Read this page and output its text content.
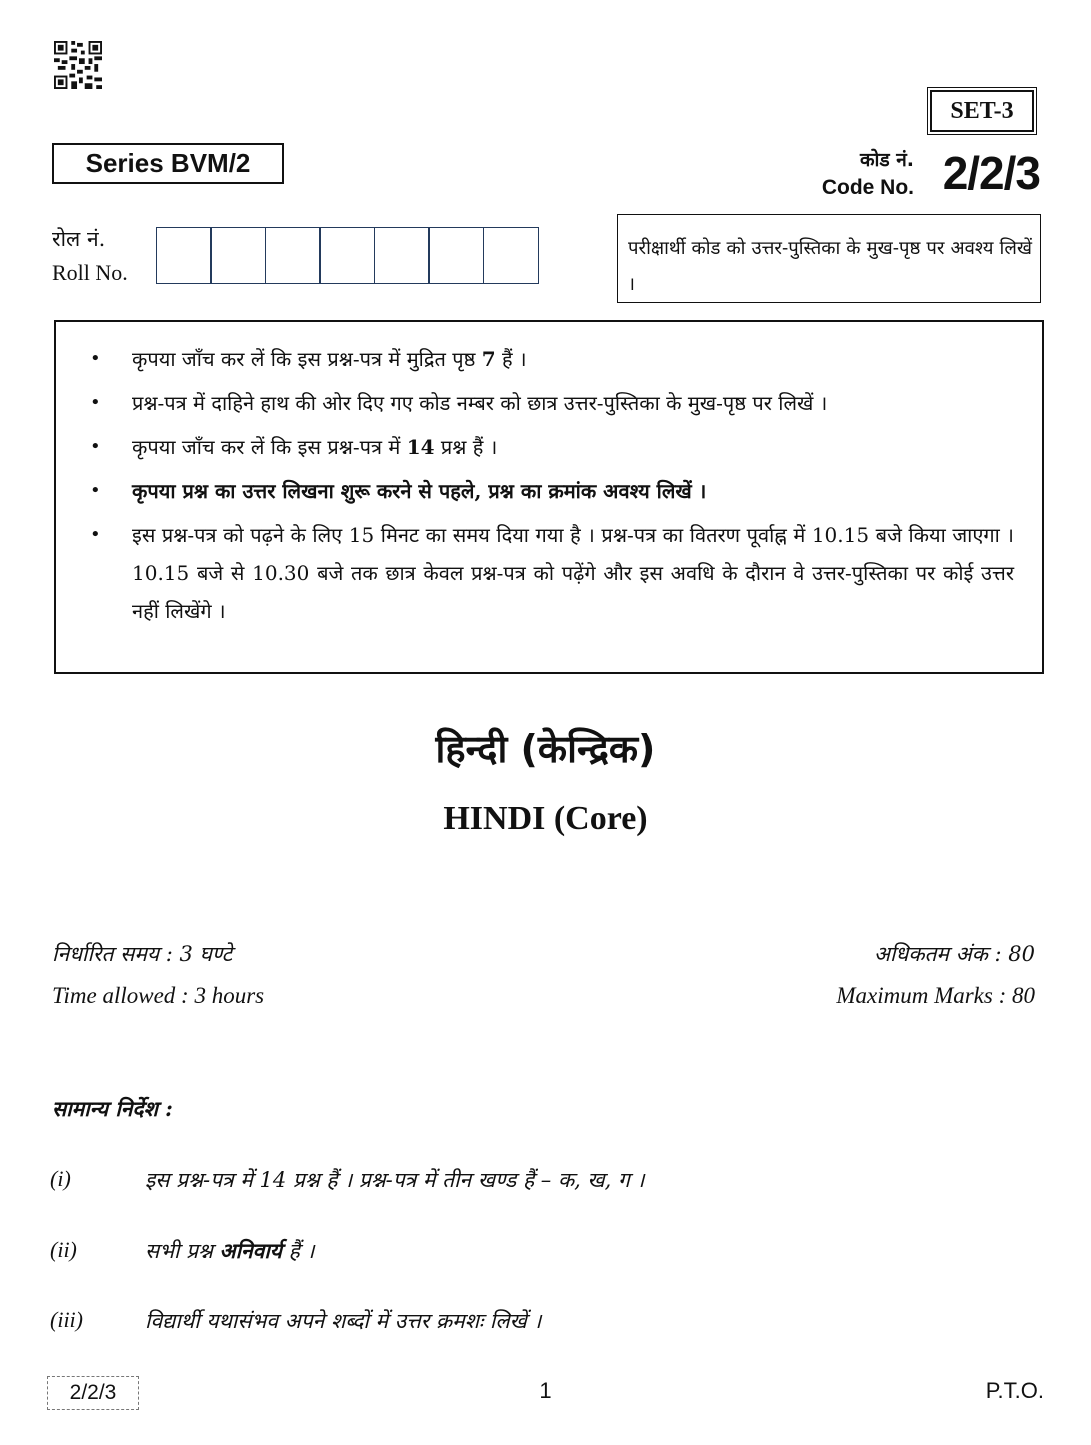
SET-3
Series BVM/2	कोड नं.
Code No. 2/2/3
रोल नं.
Roll No.
परीक्षार्थी कोड को उत्तर-पुस्तिका के मुख-पृष्ठ पर अवश्य लिखें ।
• कृपया जाँच कर लें कि इस प्रश्न-पत्र में मुद्रित पृष्ठ 7 हैं ।
• प्रश्न-पत्र में दाहिने हाथ की ओर दिए गए कोड नम्बर को छात्र उत्तर-पुस्तिका के मुख-पृष्ठ पर लिखें ।
• कृपया जाँच कर लें कि इस प्रश्न-पत्र में 14 प्रश्न हैं ।
• कृपया प्रश्न का उत्तर लिखना शुरू करने से पहले, प्रश्न का क्रमांक अवश्य लिखें ।
• इस प्रश्न-पत्र को पढ़ने के लिए 15 मिनट का समय दिया गया है । प्रश्न-पत्र का वितरण पूर्वाह्न में 10.15 बजे किया जाएगा । 10.15 बजे से 10.30 बजे तक छात्र केवल प्रश्न-पत्र को पढ़ेंगे और इस अवधि के दौरान वे उत्तर-पुस्तिका पर कोई उत्तर नहीं लिखेंगे ।
हिन्दी (केन्द्रिक)
HINDI (Core)
निर्धारित समय : 3 घण्टे
Time allowed : 3 hours
अधिकतम अंक : 80
Maximum Marks : 80
सामान्य निर्देश :
(i)	इस प्रश्न-पत्र में 14 प्रश्न हैं । प्रश्न-पत्र में तीन खण्ड हैं – क, ख, ग ।
(ii)	सभी प्रश्न अनिवार्य हैं ।
(iii)	विद्यार्थी यथासंभव अपने शब्दों में उत्तर क्रमशः लिखें ।
2/2/3	1	P.T.O.
